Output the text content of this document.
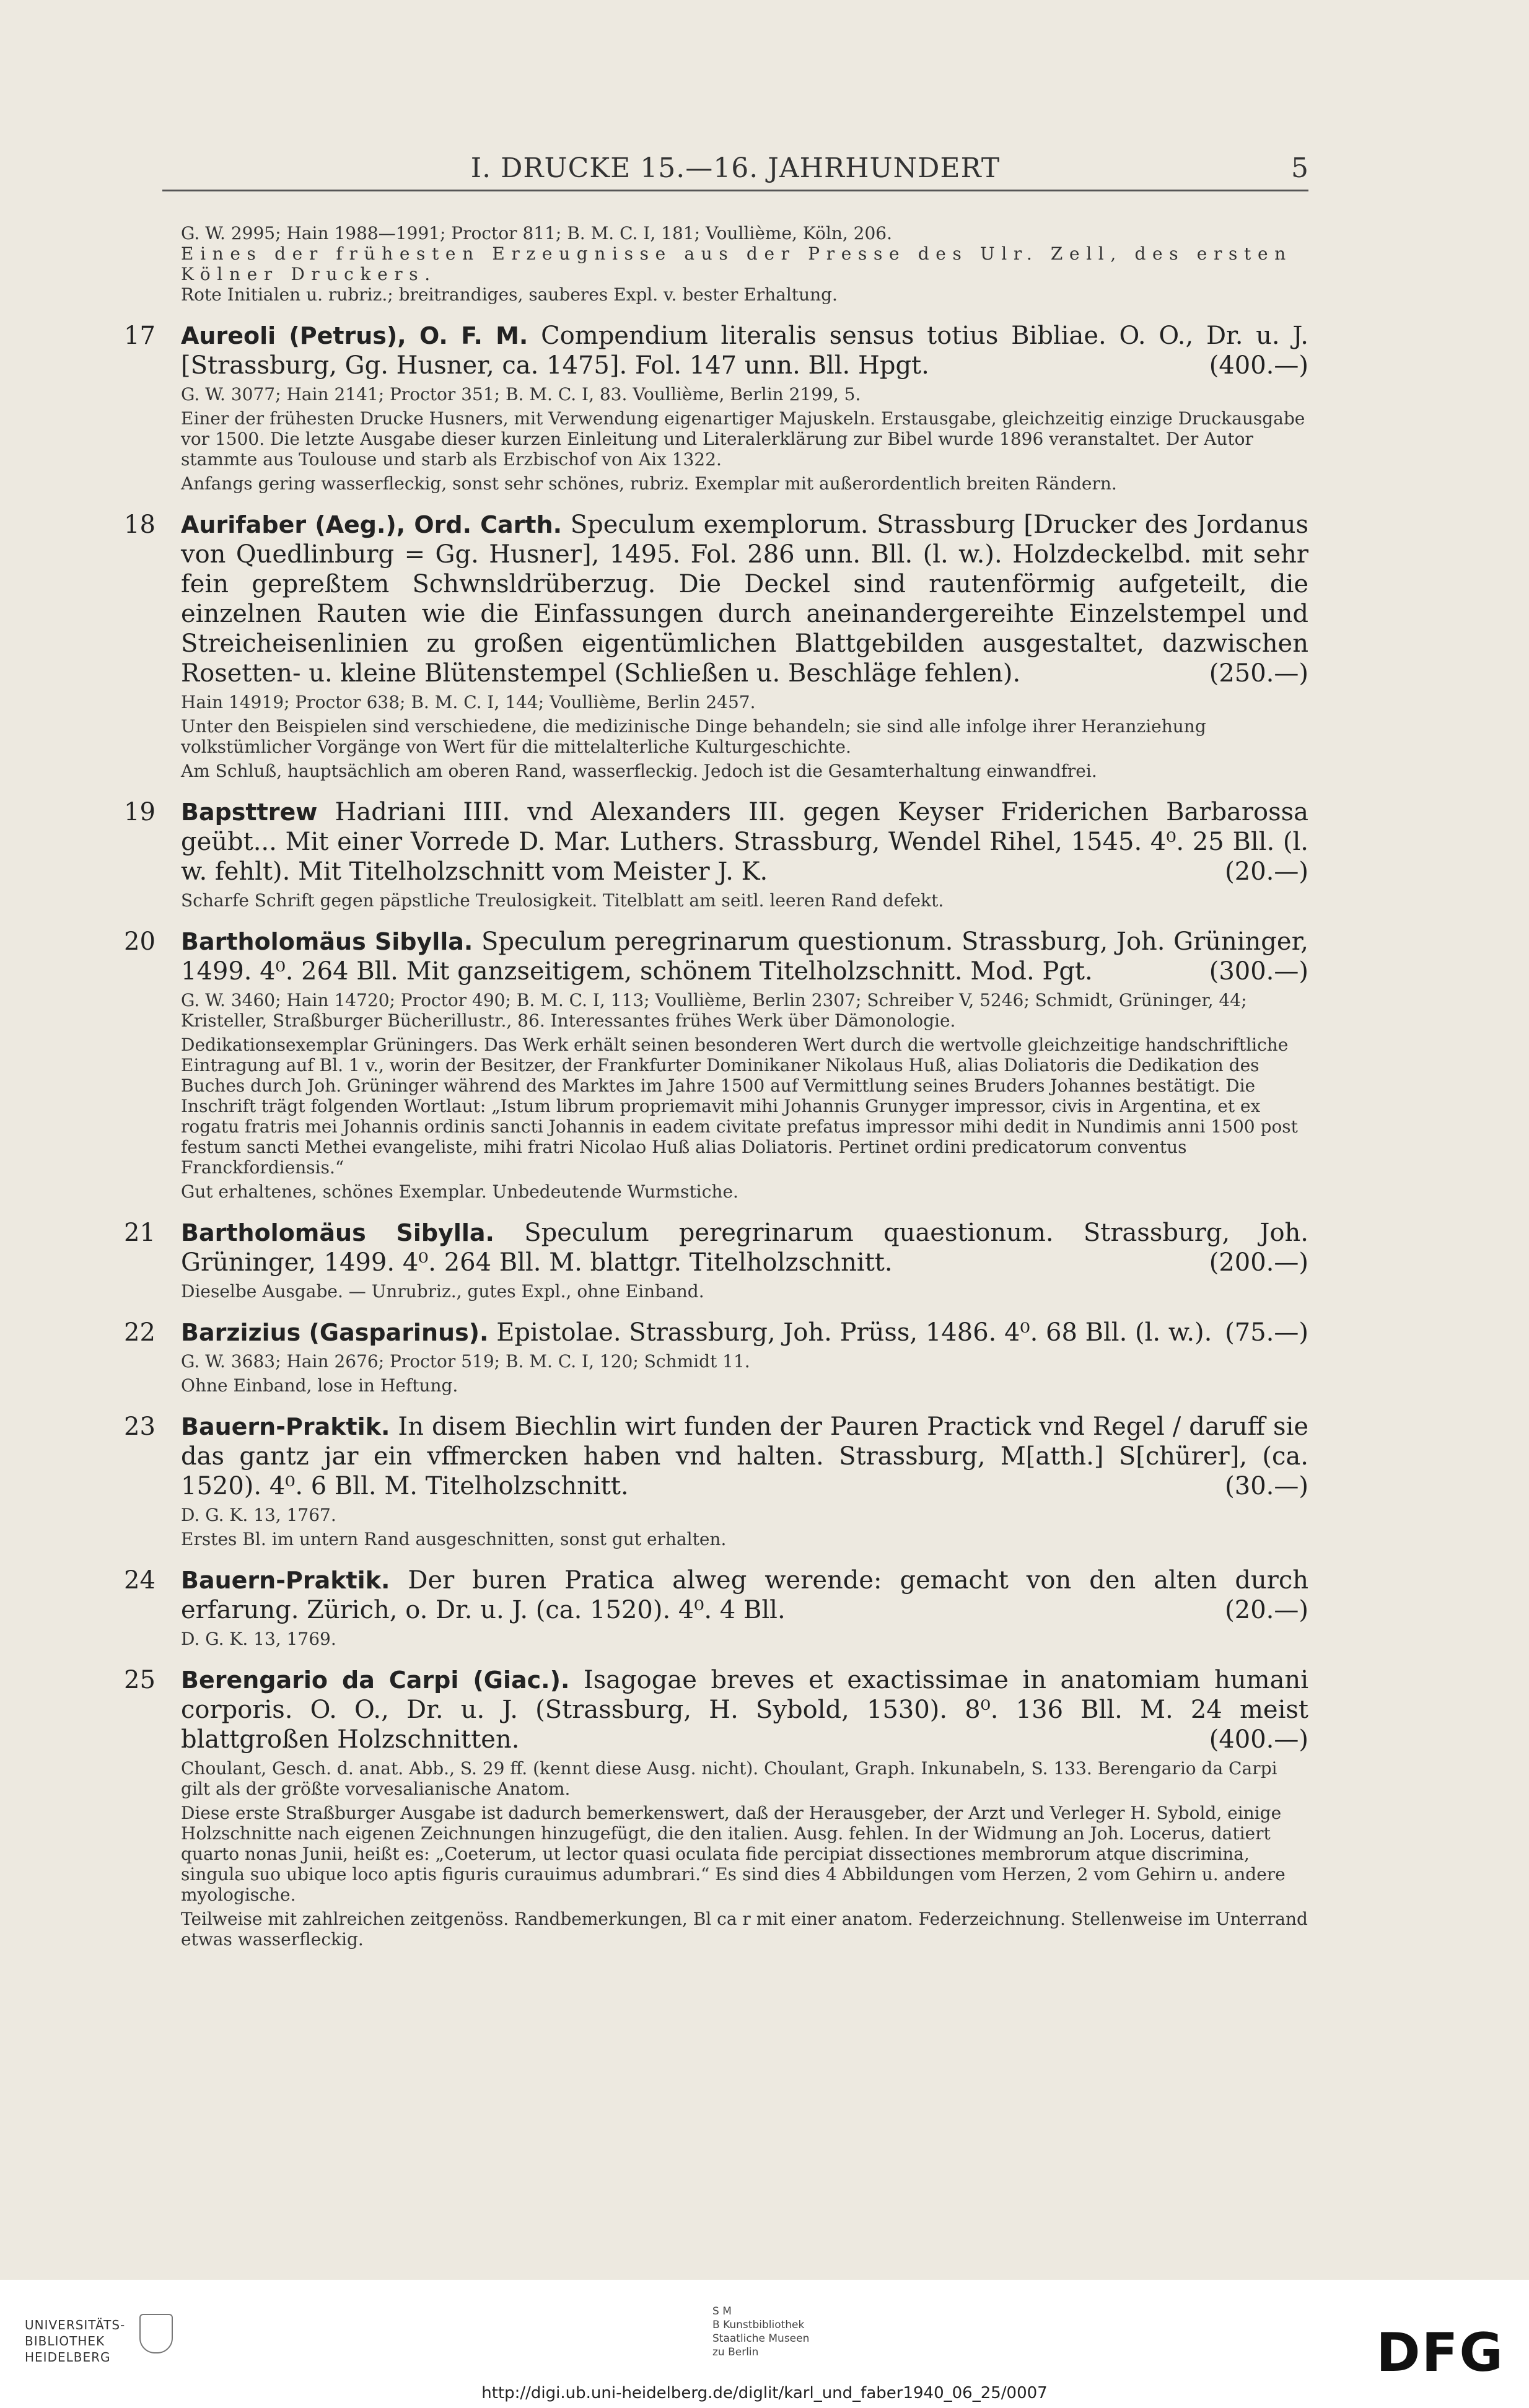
I. DRUCKE 15.—16. JAHRHUNDERT	5
G. W. 2995; Hain 1988—1991; Proctor 811; B. M. C. I, 181; Voullième, Köln, 206.
Eines der frühesten Erzeugnisse aus der Presse des Ulr. Zell, des ersten Kölner Druckers.
Rote Initialen u. rubriz.; breitrandiges, sauberes Expl. v. bester Erhaltung.
17	Aureoli (Petrus), O. F. M. Compendium literalis sensus totius Bibliae. O. O., Dr. u. J. [Strassburg, Gg. Husner, ca. 1475]. Fol. 147 unn. Bll. Hpgt.	(400.—)
G. W. 3077; Hain 2141; Proctor 351; B. M. C. I, 83. Voullième, Berlin 2199, 5.
Einer der frühesten Drucke Husners, mit Verwendung eigenartiger Majuskeln. Erstausgabe, gleichzeitig einzige Druckausgabe vor 1500. Die letzte Ausgabe dieser kurzen Einleitung und Literalerklärung zur Bibel wurde 1896 veranstaltet. Der Autor stammte aus Toulouse und starb als Erzbischof von Aix 1322.
Anfangs gering wasserfleckig, sonst sehr schönes, rubriz. Exemplar mit außerordentlich breiten Rändern.
18	Aurifaber (Aeg.), Ord. Carth. Speculum exemplorum. Strassburg [Drucker des Jordanus von Quedlinburg = Gg. Husner], 1495. Fol. 286 unn. Bll. (l. w.). Holzdeckelbd. mit sehr fein gepreßtem Schwnsldrüberzug. Die Deckel sind rautenförmig aufgeteilt, die einzelnen Rauten wie die Einfassungen durch aneinandergereihte Einzelstempel und Streicheisenlinien zu großen eigentümlichen Blattgebilden ausgestaltet, dazwischen Rosetten- u. kleine Blütenstempel (Schließen u. Beschläge fehlen).	(250.—)
Hain 14919; Proctor 638; B. M. C. I, 144; Voullième, Berlin 2457.
Unter den Beispielen sind verschiedene, die medizinische Dinge behandeln; sie sind alle infolge ihrer Heranziehung volkstümlicher Vorgänge von Wert für die mittelalterliche Kulturgeschichte.
Am Schluß, hauptsächlich am oberen Rand, wasserfleckig. Jedoch ist die Gesamterhaltung einwandfrei.
19	Bapsttrew Hadriani IIII. vnd Alexanders III. gegen Keyser Friderichen Barbarossa geübt... Mit einer Vorrede D. Mar. Luthers. Strassburg, Wendel Rihel, 1545. 4⁰. 25 Bll. (l. w. fehlt). Mit Titelholzschnitt vom Meister J. K.	(20.—)
Scharfe Schrift gegen päpstliche Treulosigkeit. Titelblatt am seitl. leeren Rand defekt.
20	Bartholomäus Sibylla. Speculum peregrinarum questionum. Strassburg, Joh. Grüninger, 1499. 4⁰. 264 Bll. Mit ganzseitigem, schönem Titelholzschnitt. Mod. Pgt.	(300.—)
G. W. 3460; Hain 14720; Proctor 490; B. M. C. I, 113; Voullième, Berlin 2307; Schreiber V, 5246; Schmidt, Grüninger, 44; Kristeller, Straßburger Bücherillustr., 86. Interessantes frühes Werk über Dämonologie.
Dedikationsexemplar Grüningers. Das Werk erhält seinen besonderen Wert durch die wertvolle gleichzeitige handschriftliche Eintragung auf Bl. 1 v., worin der Besitzer, der Frankfurter Dominikaner Nikolaus Huß, alias Doliatoris die Dedikation des Buches durch Joh. Grüninger während des Marktes im Jahre 1500 auf Vermittlung seines Bruders Johannes bestätigt. Die Inschrift trägt folgenden Wortlaut: „Istum librum propriemavit mihi Johannis Grunyger impressor, civis in Argentina, et ex rogatu fratris mei Johannis ordinis sancti Johannis in eadem civitate prefatus impressor mihi dedit in Nundimis anni 1500 post festum sancti Methei evangeliste, mihi fratri Nicolao Huß alias Doliatoris. Pertinet ordini predicatorum conventus Franckfordiensis.“
Gut erhaltenes, schönes Exemplar. Unbedeutende Wurmstiche.
21	Bartholomäus Sibylla. Speculum peregrinarum quaestionum. Strassburg, Joh. Grüninger, 1499. 4⁰. 264 Bll. M. blattgr. Titelholzschnitt.	(200.—)
Dieselbe Ausgabe. — Unrubriz., gutes Expl., ohne Einband.
22	Barzizius (Gasparinus). Epistolae. Strassburg, Joh. Prüss, 1486. 4⁰. 68 Bll. (l. w.). (75.—)
G. W. 3683; Hain 2676; Proctor 519; B. M. C. I, 120; Schmidt 11.
Ohne Einband, lose in Heftung.
23	Bauern-Praktik. In disem Biechlin wirt funden der Pauren Practick vnd Regel / daruff sie das gantz jar ein vffmercken haben vnd halten. Strassburg, M[atth.] S[chürer], (ca. 1520). 4⁰. 6 Bll. M. Titelholzschnitt.	(30.—)
D. G. K. 13, 1767.
Erstes Bl. im untern Rand ausgeschnitten, sonst gut erhalten.
24	Bauern-Praktik. Der buren Pratica alweg werende: gemacht von den alten durch erfarung. Zürich, o. Dr. u. J. (ca. 1520). 4⁰. 4 Bll.	(20.—)
D. G. K. 13, 1769.
25	Berengario da Carpi (Giac.). Isagogae breves et exactissimae in anatomiam humani corporis. O. O., Dr. u. J. (Strassburg, H. Sybold, 1530). 8⁰. 136 Bll. M. 24 meist blattgroßen Holzschnitten.	(400.—)
Choulant, Gesch. d. anat. Abb., S. 29 ff. (kennt diese Ausg. nicht). Choulant, Graph. Inkunabeln, S. 133. Berengario da Carpi gilt als der größte vorvesalianische Anatom.
Diese erste Straßburger Ausgabe ist dadurch bemerkenswert, daß der Herausgeber, der Arzt und Verleger H. Sybold, einige Holzschnitte nach eigenen Zeichnungen hinzugefügt, die den italien. Ausg. fehlen. In der Widmung an Joh. Locerus, datiert quarto nonas Junii, heißt es: „Coeterum, ut lector quasi oculata fide percipiat dissectiones membrorum atque discrimina, singula suo ubique loco aptis figuris curauimus adumbrari.“ Es sind dies 4 Abbildungen vom Herzen, 2 vom Gehirn u. andere myologische.
Teilweise mit zahlreichen zeitgenöss. Randbemerkungen, Bl ca r mit einer anatom. Federzeichnung. Stellenweise im Unterrand etwas wasserfleckig.
UNIVERSITÄTS-
BIBLIOTHEK
HEIDELBERG
S M
B Kunstbibliothek
Staatliche Museen
zu Berlin	DFG
http://digi.ub.uni-heidelberg.de/diglit/karl_und_faber1940_06_25/0007
